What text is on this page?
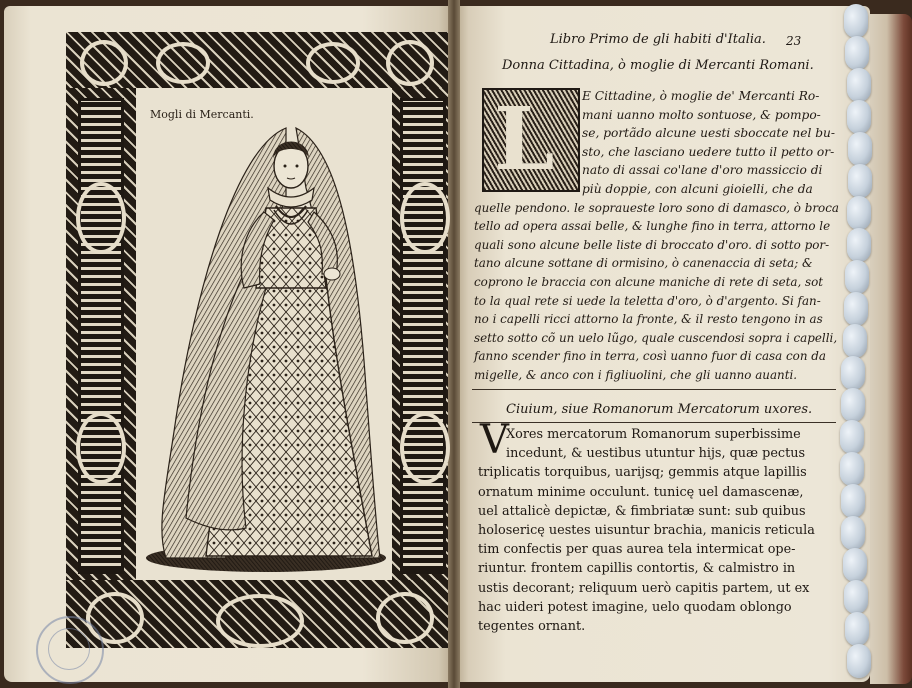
Mogli di Mercanti.
Libro Primo de gli habiti d'Italia. 23
Donna Cittadina, ò moglie di Mercanti Romani.
L E Cittadine, ò moglie de' Mercanti Ro-
mani uanno molto sontuose, & pompo-
se, portãdo alcune uesti sboccate nel bu-
sto, che lasciano uedere tutto il petto or-
nato di assai co'lane d'oro massiccio di
più doppie, con alcuni gioielli, che da
quelle pendono. le sopraueste loro sono di damasco, ò broca
tello ad opera assai belle, & lunghe fino in terra, attorno le
quali sono alcune belle liste di broccato d'oro. di sotto por-
tano alcune sottane di ormisino, ò canenaccia di seta; &
coprono le braccia con alcune maniche di rete di seta, sot
to la qual rete si uede la teletta d'oro, ò d'argento. Si fan-
no i capelli ricci attorno la fronte, & il resto tengono in as
setto sotto cõ un uelo lũgo, quale cuscendosi sopra i capelli,
fanno scender fino in terra, così uanno fuor di casa con da
migelle, & anco con i figliuolini, che gli uanno auanti.
Ciuium, siue Romanorum Mercatorum uxores.
V
Xores mercatorum Romanorum superbissime
incedunt, & uestibus utuntur hijs, quæ pectus
triplicatis torquibus, uarijsq; gemmis atque lapillis
ornatum minime occulunt. tunicę uel damascenæ,
uel attalicè depictæ, & fimbriatæ sunt: sub quibus
holosericę uestes uisuntur brachia, manicis reticula
tim confectis per quas aurea tela intermicat ope-
riuntur. frontem capillis contortis, & calmistro in
ustis decorant; reliquum uerò capitis partem, ut ex
hac uideri potest imagine, uelo quodam oblongo
tegentes ornant.
